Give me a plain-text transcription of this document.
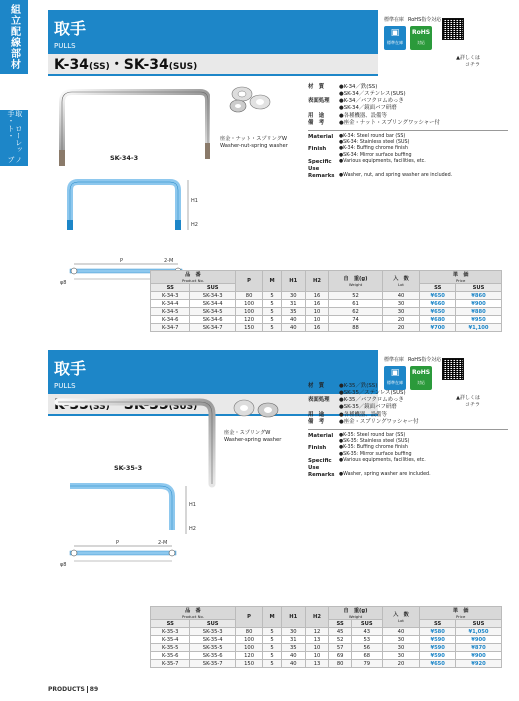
組立配線部材
取手・
ローレット・
ノブ
取手
PULLS
K-34(SS)・SK-34(SUS)
標準在庫 RoHS指令対応
▣
標準在庫
RoHS
対応
▲詳しくは
コチラ
SK-34-3
座金・ナット・スプリングW
Washer-nut-spring washer
H1
H2
P	2-M
φ8
材　質	●K-34／鉄(SS)
●SK-34／ステンレス(SUS)
表面処理	●K-34／バフクロムめっき
●SK-34／鏡面バフ研磨
用　途	●各種機器、設備等
備　考	●座金・ナット・スプリングワッシャー付
Material	●K-34: Steel round bar (SS)
●SK-34: Stainless steel (SUS)
Finish	●K-34: Buffing chrome finish
●SK-34: Mirror surface buffing
Specific Use
●Various equipments, facilities, etc.
Remarks ●Washer, nut, and spring washer are included.
品　番
Product No.		P	M	H1	H2	自　重(g)
Weight	入　数
Lot	単　価
Price	

SS	SUS							SS	SUS
K-34-3	SK-34-3	80	5	30	16	52	40	¥650	¥860
K-34-4	SK-34-4	100	5	31	16	61	30	¥660	¥900
K-34-5	SK-34-5	100	5	35	10	62	30	¥650	¥880
K-34-6	SK-34-6	120	5	40	10	74	20	¥680	¥950
K-34-7	SK-34-7	150	5	40	16	88	20	¥700	¥1,100
取手
PULLS
K-35(SS)・SK-35(SUS)
標準在庫 RoHS指令対応
▣
標準在庫
RoHS
対応
▲詳しくは
コチラ
SK-35-3
座金・スプリングW
Washer-spring washer
H1
H2
P	2-M
φ8
材　質	●K-35／鉄(SS)
●SK-35／ステンレス(SUS)
表面処理	●K-35／バフクロムめっき
●SK-35／鏡面バフ研磨
用　途	●各種機器、設備等
備　考	●座金・スプリングワッシャー付
Material	●K-35: Steel round bar (SS)
●SK-35: Stainless steel (SUS)
Finish	●K-35: Buffing chrome finish
●SK-35: Mirror surface buffing
Specific Use
●Various equipments, facilities, etc.
Remarks ●Washer, spring washer are included.
品　番
Product No.		P	M	H1	H2	自　重(g)
Weight		入　数
Lot	単　価
Price	

SS	SUS					SS	SUS		SS	SUS
K-35-3	SK-35-3	80	5	30	12	45	43	40	¥580	¥1,050
K-35-4	SK-35-4	100	5	31	13	52	53	30	¥590	¥900
K-35-5	SK-35-5	100	5	35	10	57	56	30	¥590	¥870
K-35-6	SK-35-6	120	5	40	10	69	68	30	¥590	¥900
K-35-7	SK-35-7	150	5	40	13	80	79	20	¥650	¥920
PRODUCTS 89
